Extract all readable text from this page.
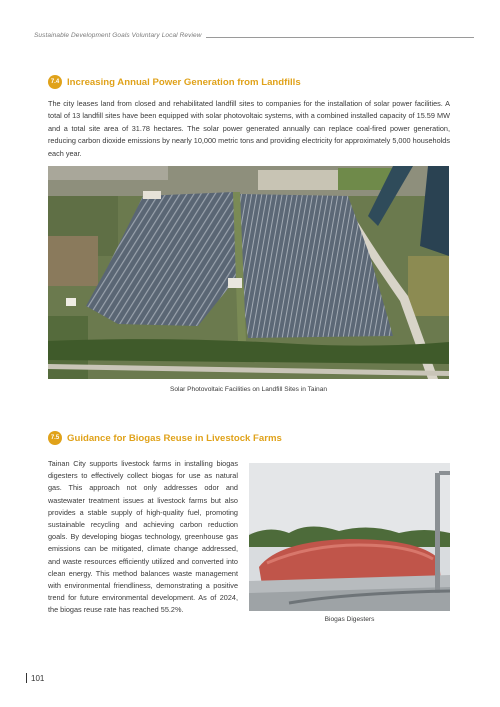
Sustainable Development Goals Voluntary Local Review
7.4 Increasing Annual Power Generation from Landfills

The city leases land from closed and rehabilitated landfill sites to companies for the installation of solar power facilities. A total of 13 landfill sites have been equipped with solar photovoltaic systems, with a combined installed capacity of 15.59 MW and a total site area of 31.78 hectares. The solar power generated annually can replace coal-fired power generation, reducing carbon dioxide emissions by nearly 10,000 metric tons and providing electricity for approximately 5,000 households each year.

Solar Photovoltaic Facilities on Landfill Sites in Tainan
7.5 Guidance for Biogas Reuse in Livestock Farms

Tainan City supports livestock farms in installing biogas digesters to effectively collect biogas for use as natural gas. This approach not only addresses odor and wastewater treatment issues at livestock farms but also provides a stable supply of high-quality fuel, promoting sustainable recycling and achieving carbon reduction goals. By developing biogas technology, greenhouse gas emissions can be mitigated, climate change addressed, and waste resources efficiently utilized and converted into clean energy. This method balances waste management with environmental friendliness, demonstrating a positive trend for future environmental development. As of 2024, the biogas reuse rate has reached 55.2%.

Biogas Digesters
101
